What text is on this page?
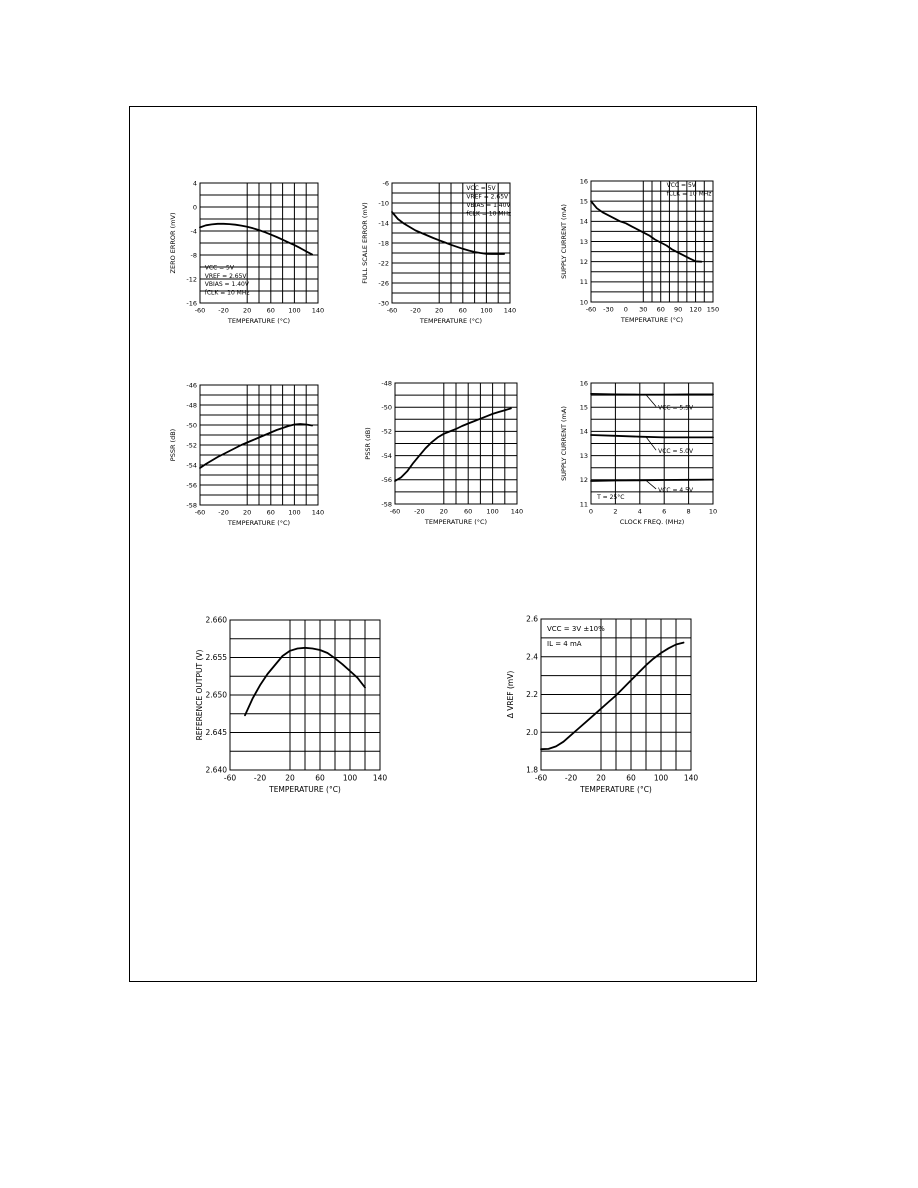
-60 -20 20 60 100 140
-16
-12
-8
-4
0
4
TEMPERATURE (°C)
ZERO ERROR (mV)	VCC = 5V
VREF = 2.65V
VBIAS = 1.40V
fCLK = 10 MHz
-60 -20 20 60 100 140
-30
-26
-22
-18
-14
-10
-6
TEMPERATURE (°C)
FULL SCALE ERROR (mV)
VCC = 5V
VREF = 2.65V
VBIAS = 1.40V
fCLK = 10 MHz
-60 -30 0 30 60 90 120 150
10
11
12
13
14
15
16
TEMPERATURE (°C)
SUPPLY CURRENT (mA)
VCC = 5V
fCLK = 10 MHz
-60 -20 20 60 100 140
-58
-56
-54
-52
-50
-48
-46
TEMPERATURE (°C)
PSSR (dB)
-60 -20 20 60 100 140
-58
-56
-54
-52
-50
-48
TEMPERATURE (°C)
PSSR (dB)
0	2	4	6	8	10
11
12
13
14
15
16
CLOCK FREQ. (MHz)
SUPPLY CURRENT (mA)	VCC = 5.5V
VCC = 5.0V
VCC = 4.5V
T = 25°C
-60 -20	20	60 100 140
2.640
2.645
2.650
2.655
2.660
TEMPERATURE (°C)
REFERENCE OUTPUT (V)
-60 -20	20	60 100 140
1.8
2.0
2.2
2.4
2.6
TEMPERATURE (°C)
Δ VREF (mV)
VCC = 3V ±10%
IL = 4 mA
